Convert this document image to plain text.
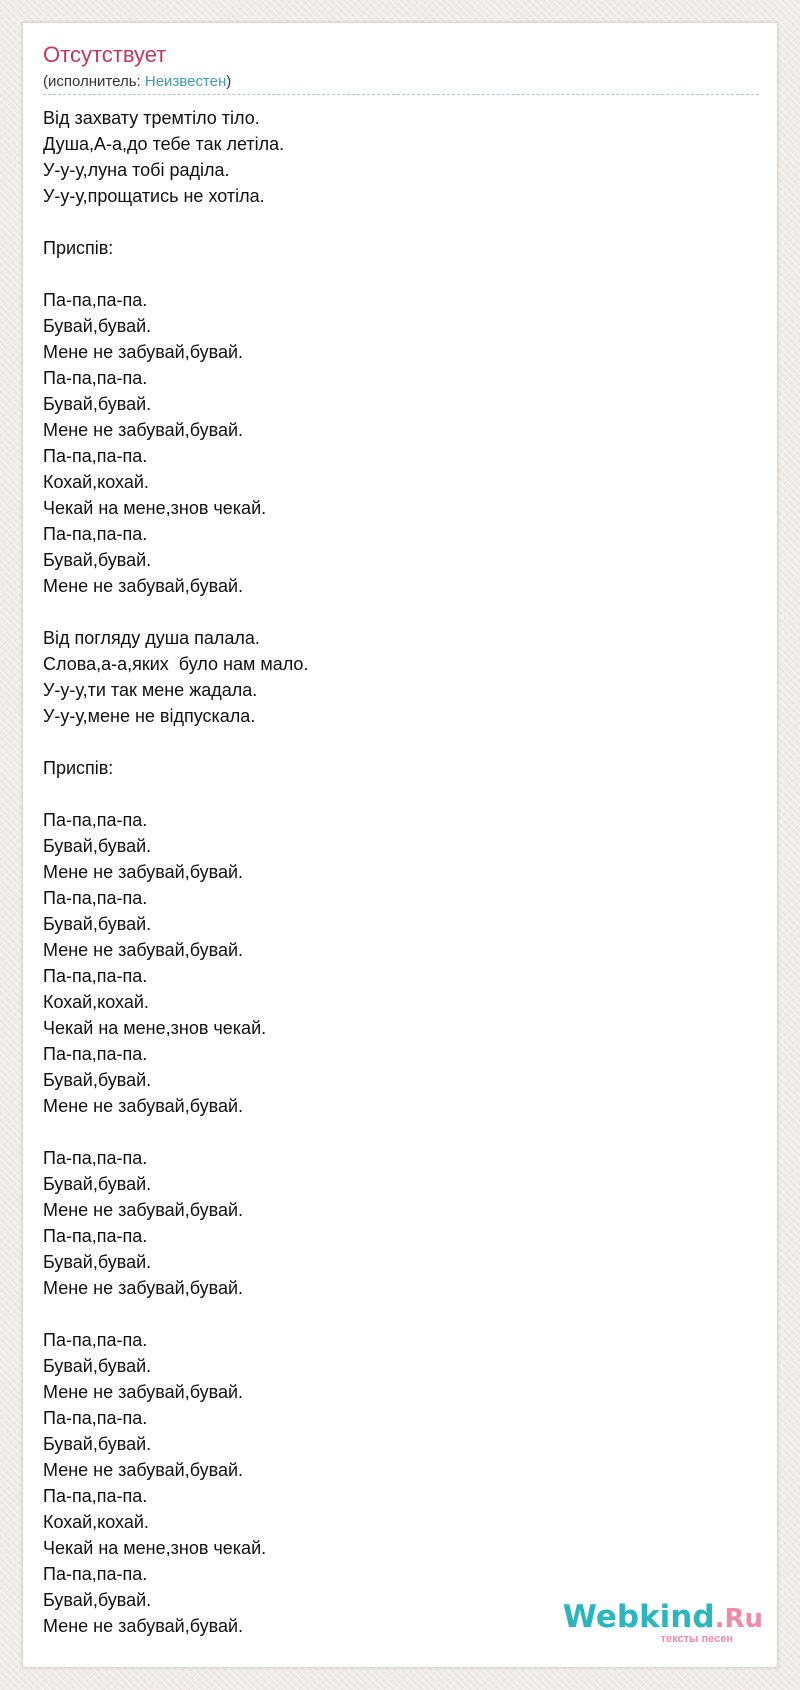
Отсутствует
(исполнитель: Неизвестен)
Від захвату тремтіло тіло.
Душа,А-а,до тебе так летіла.
У-у-у,луна тобі раділа.
У-у-у,прощатись не хотіла.
Приспів:
Па-па,па-па.
Бувай,бувай.
Мене не забувай,бувай.
Па-па,па-па.
Бувай,бувай.
Мене не забувай,бувай.
Па-па,па-па.
Кохай,кохай.
Чекай на мене,знов чекай.
Па-па,па-па.
Бувай,бувай.
Мене не забувай,бувай.
Від погляду душа палала.
Слова,а-а,яких  було нам мало.
У-у-у,ти так мене жадала.
У-у-у,мене не відпускала.
Приспів:
Па-па,па-па.
Бувай,бувай.
Мене не забувай,бувай.
Па-па,па-па.
Бувай,бувай.
Мене не забувай,бувай.
Па-па,па-па.
Кохай,кохай.
Чекай на мене,знов чекай.
Па-па,па-па.
Бувай,бувай.
Мене не забувай,бувай.
Па-па,па-па.
Бувай,бувай.
Мене не забувай,бувай.
Па-па,па-па.
Бувай,бувай.
Мене не забувай,бувай.
Па-па,па-па.
Бувай,бувай.
Мене не забувай,бувай.
Па-па,па-па.
Бувай,бувай.
Мене не забувай,бувай.
Па-па,па-па.
Кохай,кохай.
Чекай на мене,знов чекай.
Па-па,па-па.
Бувай,бувай.
Мене не забувай,бувай.	Webkind.Ru
тексты песен
